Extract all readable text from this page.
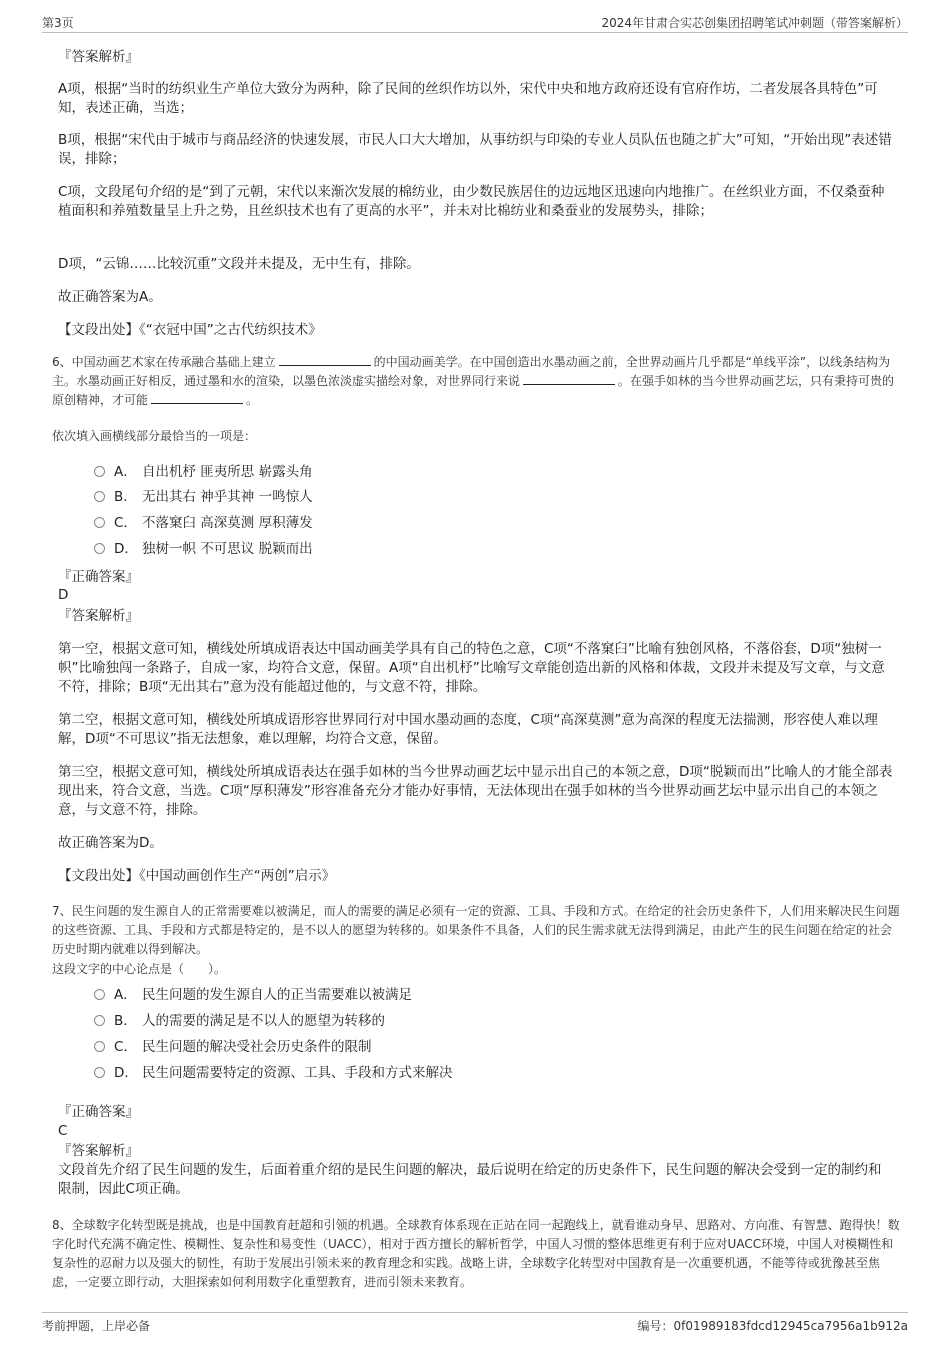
第3页	2024年甘肃合实芯创集团招聘笔试冲刺题（带答案解析）
『答案解析』
A项，根据“当时的纺织业生产单位大致分为两种，除了民间的丝织作坊以外，宋代中央和地方政府还设有官府作坊，二者发展各具特色”可知，表述正确，当选；
B项，根据“宋代由于城市与商品经济的快速发展，市民人口大大增加，从事纺织与印染的专业人员队伍也随之扩大”可知，“开始出现”表述错误，排除；
C项，文段尾句介绍的是“到了元朝，宋代以来渐次发展的棉纺业，由少数民族居住的边远地区迅速向内地推广。在丝织业方面，不仅桑蚕种植面积和养殖数量呈上升之势，且丝织技术也有了更高的水平”，并未对比棉纺业和桑蚕业的发展势头，排除；
D项，“云锦……比较沉重”文段并未提及，无中生有，排除。
故正确答案为A。
【文段出处】《“衣冠中国”之古代纺织技术》
6、中国动画艺术家在传承融合基础上建立	的中国动画美学。在中国创造出水墨动画之前，全世界动画片几乎都是“单线平涂”，以线条结构为主。水墨动画正好相反，通过墨和水的渲染，以墨色浓淡虚实描绘对象，对世界同行来说	。在强手如林的当今世界动画艺坛，只有秉持可贵的原创精神，才可能	。
依次填入画横线部分最恰当的一项是：
A． 自出机杼 匪夷所思 崭露头角
B． 无出其右 神乎其神 一鸣惊人
C． 不落窠臼 高深莫测 厚积薄发
D． 独树一帜 不可思议 脱颖而出
『正确答案』
D
『答案解析』
第一空，根据文意可知，横线处所填成语表达中国动画美学具有自己的特色之意，C项“不落窠臼”比喻有独创风格，不落俗套，D项“独树一帜”比喻独闯一条路子，自成一家，均符合文意，保留。A项“自出机杼”比喻写文章能创造出新的风格和体裁，文段并未提及写文章，与文意不符，排除；B项“无出其右”意为没有能超过他的，与文意不符，排除。
第二空，根据文意可知，横线处所填成语形容世界同行对中国水墨动画的态度，C项“高深莫测”意为高深的程度无法揣测，形容使人难以理解，D项“不可思议”指无法想象，难以理解，均符合文意，保留。
第三空，根据文意可知，横线处所填成语表达在强手如林的当今世界动画艺坛中显示出自己的本领之意，D项“脱颖而出”比喻人的才能全部表现出来，符合文意，当选。C项“厚积薄发”形容准备充分才能办好事情，无法体现出在强手如林的当今世界动画艺坛中显示出自己的本领之意，与文意不符，排除。
故正确答案为D。
【文段出处】《中国动画创作生产“两创”启示》
7、民生问题的发生源自人的正常需要难以被满足，而人的需要的满足必须有一定的资源、工具、手段和方式。在给定的社会历史条件下，人们用来解决民生问题的这些资源、工具、手段和方式都是特定的，是不以人的愿望为转移的。如果条件不具备，人们的民生需求就无法得到满足，由此产生的民生问题在给定的社会历史时期内就难以得到解决。
这段文字的中心论点是（　　）。
A． 民生问题的发生源自人的正当需要难以被满足
B． 人的需要的满足是不以人的愿望为转移的
C． 民生问题的解决受社会历史条件的限制
D． 民生问题需要特定的资源、工具、手段和方式来解决
『正确答案』
C
『答案解析』
文段首先介绍了民生问题的发生，后面着重介绍的是民生问题的解决，最后说明在给定的历史条件下，民生问题的解决会受到一定的制约和限制，因此C项正确。
8、全球数字化转型既是挑战，也是中国教育赶超和引领的机遇。全球教育体系现在正站在同一起跑线上，就看谁动身早、思路对、方向准、有智慧、跑得快！数字化时代充满不确定性、模糊性、复杂性和易变性（UACC），相对于西方擅长的解析哲学，中国人习惯的整体思维更有利于应对UACC环境，中国人对模糊性和复杂性的忍耐力以及强大的韧性，有助于发展出引领未来的教育理念和实践。战略上讲，全球数字化转型对中国教育是一次重要机遇，不能等待或犹豫甚至焦虑，一定要立即行动，大胆探索如何利用数字化重塑教育，进而引领未来教育。
考前押题，上岸必备	编号：0f01989183fdcd12945ca7956a1b912a
